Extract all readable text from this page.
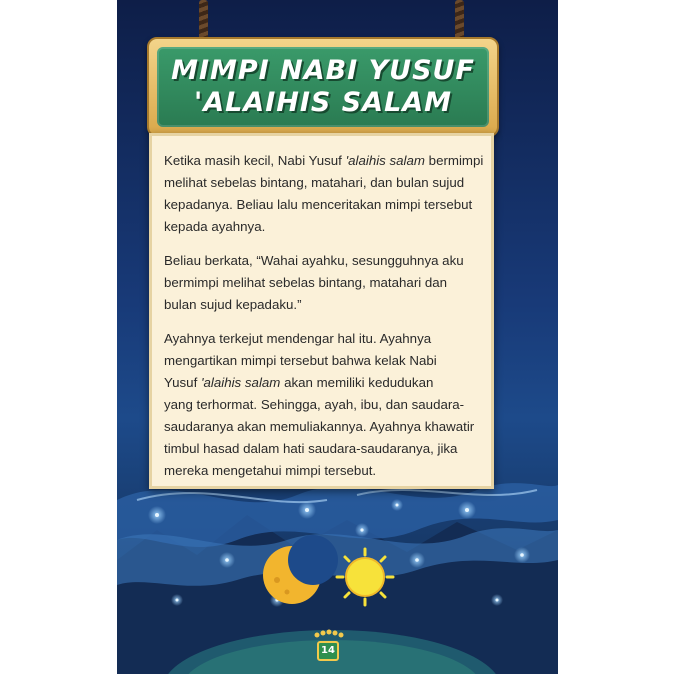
MIMPI NABI YUSUF
'ALAIHIS SALAM

Ketika masih kecil, Nabi Yusuf 'alaihis salam bermimpi
melihat sebelas bintang, matahari, dan bulan sujud
kepadanya. Beliau lalu menceritakan mimpi tersebut
kepada ayahnya.

Beliau berkata, “Wahai ayahku, sesungguhnya aku
bermimpi melihat sebelas bintang, matahari dan
bulan sujud kepadaku.”

Ayahnya terkejut mendengar hal itu. Ayahnya
mengartikan mimpi tersebut bahwa kelak Nabi
Yusuf 'alaihis salam akan memiliki kedudukan
yang terhormat. Sehingga, ayah, ibu, dan saudara-
saudaranya akan memuliakannya. Ayahnya khawatir
timbul hasad dalam hati saudara-saudaranya, jika
mereka mengetahui mimpi tersebut.

14
